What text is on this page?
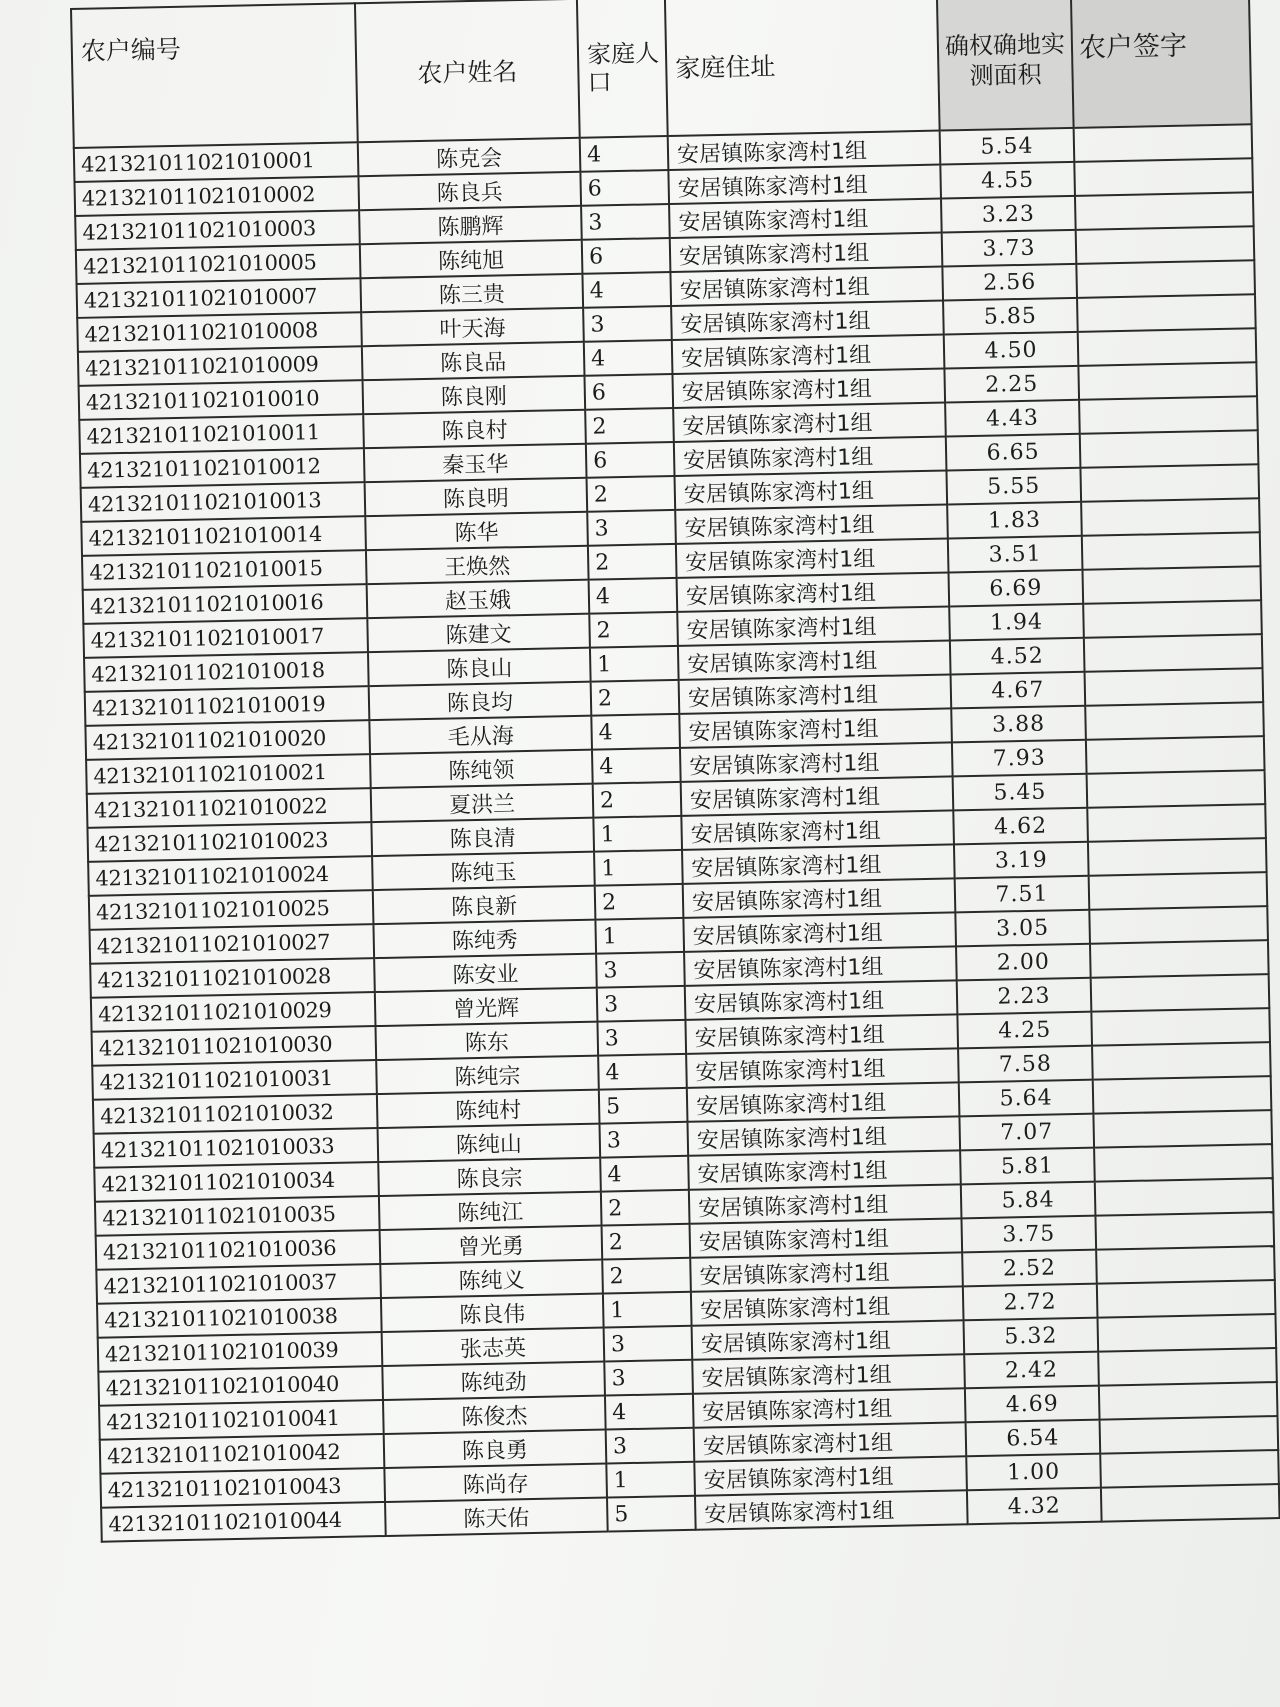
农户编号	农户姓名	家庭人口	家庭住址	确权确地实测面积	农户签字
421321011021010001	陈克会	4	安居镇陈家湾村1组	5.54	
421321011021010002	陈良兵	6	安居镇陈家湾村1组	4.55	
421321011021010003	陈鹏辉	3	安居镇陈家湾村1组	3.23	
421321011021010005	陈纯旭	6	安居镇陈家湾村1组	3.73	
421321011021010007	陈三贵	4	安居镇陈家湾村1组	2.56	
421321011021010008	叶天海	3	安居镇陈家湾村1组	5.85	
421321011021010009	陈良品	4	安居镇陈家湾村1组	4.50	
421321011021010010	陈良刚	6	安居镇陈家湾村1组	2.25	
421321011021010011	陈良村	2	安居镇陈家湾村1组	4.43	
421321011021010012	秦玉华	6	安居镇陈家湾村1组	6.65	
421321011021010013	陈良明	2	安居镇陈家湾村1组	5.55	
421321011021010014	陈华	3	安居镇陈家湾村1组	1.83	
421321011021010015	王焕然	2	安居镇陈家湾村1组	3.51	
421321011021010016	赵玉娥	4	安居镇陈家湾村1组	6.69	
421321011021010017	陈建文	2	安居镇陈家湾村1组	1.94	
421321011021010018	陈良山	1	安居镇陈家湾村1组	4.52	
421321011021010019	陈良均	2	安居镇陈家湾村1组	4.67	
421321011021010020	毛从海	4	安居镇陈家湾村1组	3.88	
421321011021010021	陈纯领	4	安居镇陈家湾村1组	7.93	
421321011021010022	夏洪兰	2	安居镇陈家湾村1组	5.45	
421321011021010023	陈良清	1	安居镇陈家湾村1组	4.62	
421321011021010024	陈纯玉	1	安居镇陈家湾村1组	3.19	
421321011021010025	陈良新	2	安居镇陈家湾村1组	7.51	
421321011021010027	陈纯秀	1	安居镇陈家湾村1组	3.05	
421321011021010028	陈安业	3	安居镇陈家湾村1组	2.00	
421321011021010029	曾光辉	3	安居镇陈家湾村1组	2.23	
421321011021010030	陈东	3	安居镇陈家湾村1组	4.25	
421321011021010031	陈纯宗	4	安居镇陈家湾村1组	7.58	
421321011021010032	陈纯村	5	安居镇陈家湾村1组	5.64	
421321011021010033	陈纯山	3	安居镇陈家湾村1组	7.07	
421321011021010034	陈良宗	4	安居镇陈家湾村1组	5.81	
421321011021010035	陈纯江	2	安居镇陈家湾村1组	5.84	
421321011021010036	曾光勇	2	安居镇陈家湾村1组	3.75	
421321011021010037	陈纯义	2	安居镇陈家湾村1组	2.52	
421321011021010038	陈良伟	1	安居镇陈家湾村1组	2.72	
421321011021010039	张志英	3	安居镇陈家湾村1组	5.32	
421321011021010040	陈纯劲	3	安居镇陈家湾村1组	2.42	
421321011021010041	陈俊杰	4	安居镇陈家湾村1组	4.69	
421321011021010042	陈良勇	3	安居镇陈家湾村1组	6.54	
421321011021010043	陈尚存	1	安居镇陈家湾村1组	1.00	
421321011021010044	陈天佑	5	安居镇陈家湾村1组	4.32	
